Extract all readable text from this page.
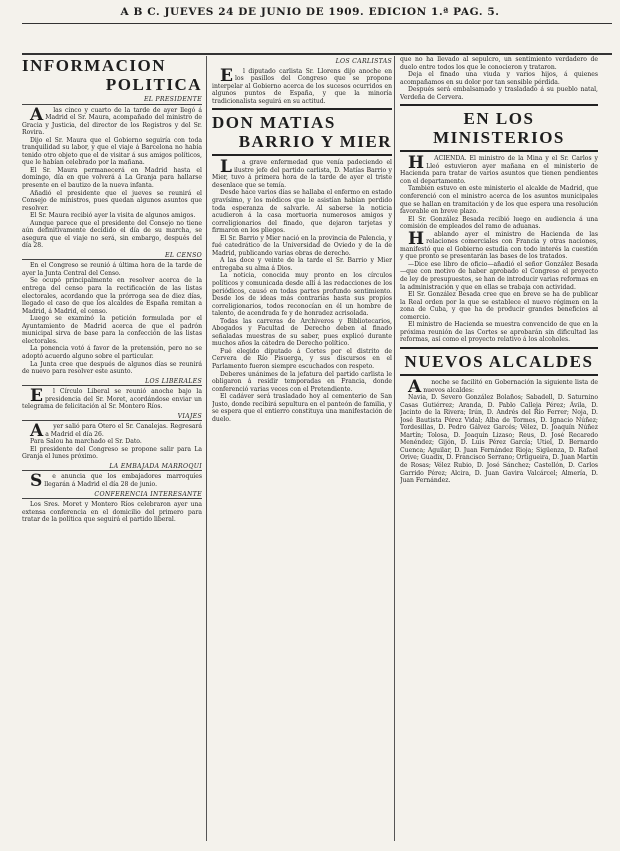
A B C. JUEVES 24 DE JUNIO DE 1909. EDICION 1.ª PAG. 5.
INFORMACION
POLITICA
EL PRESIDENTE

Alas cinco y cuarto de la tarde de ayer llegó á Madrid el Sr. Maura, acompañado del ministro de Gracia y Justicia, del director de los Registros y del Sr. Rovira.

Dijo el Sr. Maura que el Gobierno seguiría con toda tranquilidad su labor, y que el viaje á Barcelona no había tenido otro objeto que el de visitar á sus amigos políticos, que le habían celebrado por la mañana.

El Sr. Maura permanecerá en Madrid hasta el domingo, día en que volverá á La Granja para hallarse presente en el bautizo de la nueva infanta.

Añadió el presidente que el jueves se reunirá el Consejo de ministros, pues quedan algunos asuntos que resolver.

El Sr. Maura recibió ayer la visita de algunos amigos.

Aunque parece que el presidente del Consejo no tiene aún definitivamente decidido el día de su marcha, se asegura que el viaje no será, sin embargo, después del día 28.

EL CENSO

En el Congreso se reunió á última hora de la tarde de ayer la Junta Central del Censo.

Se ocupó principalmente en resolver acerca de la entrega del censo para la rectificación de las listas electorales, acordando que la prórroga sea de diez días, llegado el caso de que los alcaldes de España remitan a Madrid, á Madrid, el censo.

Luego se examinó la petición formulada por el Ayuntamiento de Madrid acerca de que el padrón municipal sirva de base para la confección de las listas electorales.

La ponencia votó á favor de la pretensión, pero no se adoptó acuerdo alguno sobre el particular.

La Junta cree que después de algunos días se reunirá de nuevo para resolver este asunto.

LOS LIBERALES

El Círculo Liberal se reunió anoche bajo la presidencia del Sr. Moret, acordándose enviar un telegrama de felicitación al Sr. Montero Ríos.

VIAJES

Ayer salió para Otero el Sr. Canalejas. Regresará a Madrid el día 26.

Para Salou ha marchado el Sr. Dato.

El presidente del Congreso se propone salir para La Granja el lunes próximo.

LA EMBAJADA MARROQUI

Se anuncia que los embajadores marroquíes llegarán á Madrid el día 28 de junio.

CONFERENCIA INTERESANTE

Los Sres. Moret y Montero Ríos celebraron ayer una extensa conferencia en el domicilio del primero para tratar de la política que seguirá el partido liberal.

LOS CARLISTAS

El diputado carlista Sr. Llorens dijo anoche en los pasillos del Congreso que se propone interpelar al Gobierno acerca de los sucesos ocurridos en algunos puntos de España, y que la minoría tradicionalista seguirá en su actitud.

DON MATIAS
BARRIO Y MIER

La grave enfermedad que venía padeciendo el ilustre jefe del partido carlista, D. Matías Barrio y Mier, tuvo á primera hora de la tarde de ayer el triste desenlace que se temía.

Desde hace varios días se hallaba el enfermo en estado gravísimo, y los médicos que le asistían habían perdido toda esperanza de salvarle. Al saberse la noticia acudieron á la casa mortuoria numerosos amigos y correligionarios del finado, que dejaron tarjetas y firmaron en los pliegos.

El Sr. Barrio y Mier nació en la provincia de Palencia, y fué catedrático de la Universidad de Oviedo y de la de Madrid, publicando varias obras de derecho.

A las doce y veinte de la tarde el Sr. Barrio y Mier entregaba su alma á Dios.

La noticia, conocida muy pronto en los círculos políticos y comunicada desde allí á las redacciones de los periódicos, causó en todas partes profundo sentimiento. Desde los de ideas más contrarias hasta sus propios correligionarios, todos reconocían en él un hombre de talento, de acendrada fe y de honradez acrisolada.

Todas las carreras de Archiveros y Bibliotecarios, Abogados y Facultad de Derecho deben al finado señaladas muestras de su saber, pues explicó durante muchos años la cátedra de Derecho político.

Fué elegido diputado á Cortes por el distrito de Cervera de Río Pisuerga, y sus discursos en el Parlamento fueron siempre escuchados con respeto.

Deberes unánimes de la jefatura del partido carlista le obligaron á residir temporadas en Francia, donde conferenció varias veces con el Pretendiente.

El cadáver será trasladado hoy al cementerio de San Justo, donde recibirá sepultura en el panteón de familia, y se espera que el entierro constituya una manifestación de duelo.

que no ha llevado al sepulcro, un sentimiento verdadero de duelo entre todos los que le conocieron y trataron.

Deja el finado una viuda y varios hijos, á quienes acompañamos en su dolor por tan sensible pérdida.

Después será embalsamado y trasladado á su pueblo natal, Verdeña de Cervera.

EN LOS MINISTERIOS

HACIENDA. El ministro de la Mina y el Sr. Carlos y Lleó estuvieron ayer mañana en el ministerio de Hacienda para tratar de varios asuntos que tienen pendientes con el departamento.

Tambien estuvo en este ministerio el alcalde de Madrid, que conferenció con el ministro acerca de los asuntos municipales que se hallan en tramitación y de los que espera una resolución favorable en breve plazo.

El Sr. González Besada recibió luego en audiencia á una comisión de empleados del ramo de aduanas.

Hablando ayer el ministro de Hacienda de las relaciones comerciales con Francia y otras naciones, manifestó que el Gobierno estudia con todo interés la cuestión y que pronto se presentarán las bases de los tratados.

—Dice ese libro de oficio—añadió el señor González Besada—que con motivo de haber aprobado el Congreso el proyecto de ley de presupuestos, se han de introducir varias reformas en la administración y que en ellas se trabaja con actividad.

El Sr. González Besada cree que en breve se ha de publicar la Real orden por la que se establece el nuevo régimen en la zona de Cuba, y que ha de producir grandes beneficios al comercio.

El ministro de Hacienda se muestra convencido de que en la próxima reunión de las Cortes se aprobarán sin dificultad las reformas, así como el proyecto relativo á los alcoholes.

NUEVOS ALCALDES

Anoche se facilitó en Gobernación la siguiente lista de nuevos alcaldes:

Navia, D. Severo González Bolaños; Sabadell, D. Saturnino Casas Gutiérrez; Aranda, D. Pablo Calleja Pérez; Ávila, D. Jacinto de la Rivera; Irún, D. Andrés del Río Ferrer; Noja, D. José Bautista Pérez Vidal; Alba de Tormes, D. Ignacio Núñez; Tordesillas, D. Pedro Gálvez Garcés; Vélez, D. Joaquín Núñez Martín; Tolosa, D. Joaquín Lizaso; Reus, D. José Recaredo Menéndez; Gijón, D. Luis Pérez García; Utiel, D. Bernardo Cuenca; Aguilar, D. Juan Fernández Rioja; Sigüenza, D. Rafael Orive; Guadix, D. Francisco Serrano; Ortigueira, D. Juan Martín de Rosas; Vélez Rubio, D. José Sánchez; Castellón, D. Carlos Garrido Pérez; Alcira, D. Juan Gavira Valcárcel; Almería, D. Juan Fernández.
